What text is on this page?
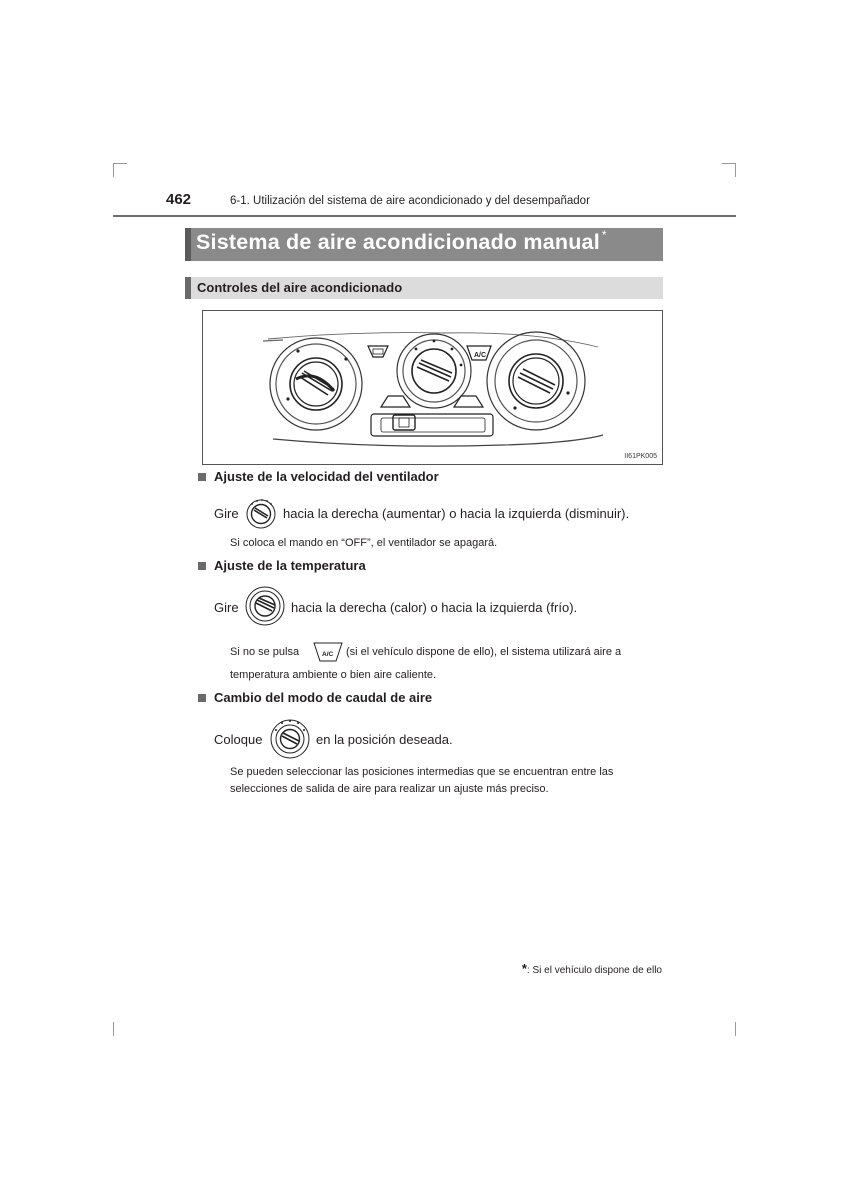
462	6-1. Utilización del sistema de aire acondicionado y del desempañador
Sistema de aire acondicionado manual *
Controles del aire acondicionado
A/C
II61PK005
Ajuste de la velocidad del ventilador
Gire	hacia la derecha (aumentar) o hacia la izquierda (disminuir).
Si coloca el mando en “OFF”, el ventilador se apagará.
Ajuste de la temperatura
Gire	hacia la derecha (calor) o hacia la izquierda (frío).
Si no se pulsa	A/C (si el vehículo dispone de ello), el sistema utilizará aire a
temperatura ambiente o bien aire caliente.
Cambio del modo de caudal de aire
Coloque	en la posición deseada.
Se pueden seleccionar las posiciones intermedias que se encuentran entre las
selecciones de salida de aire para realizar un ajuste más preciso.
*: Si el vehículo dispone de ello
